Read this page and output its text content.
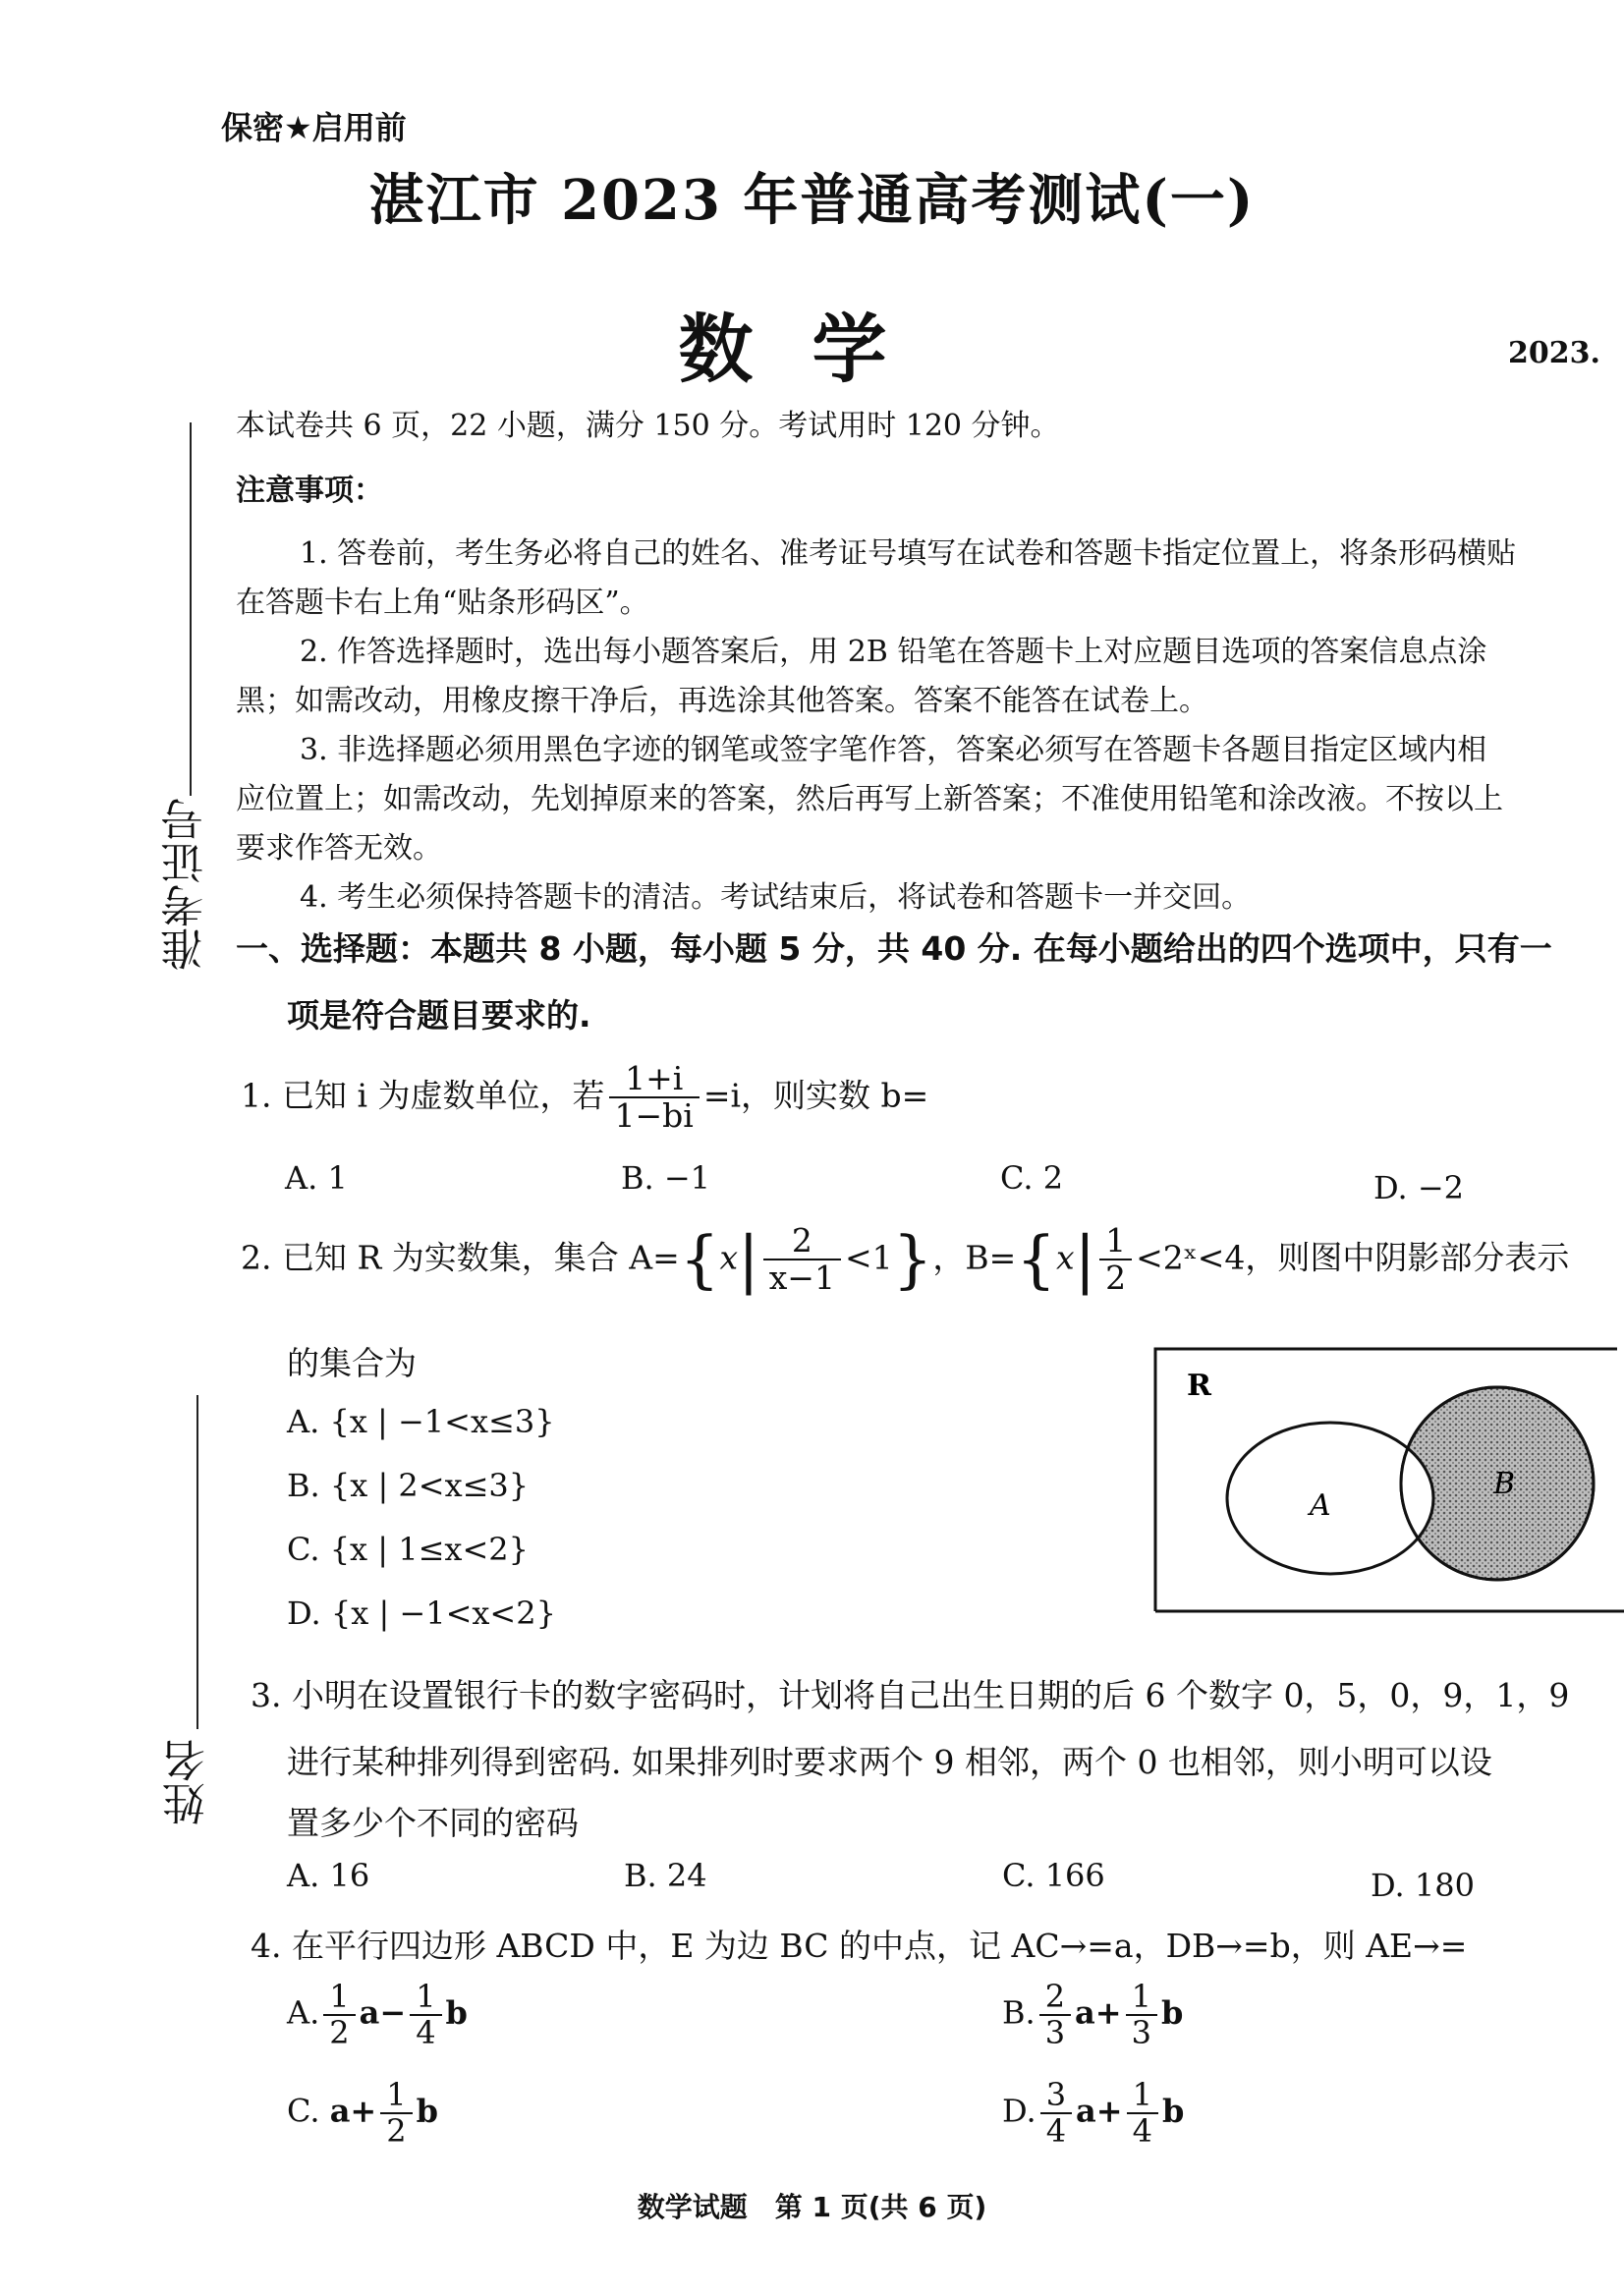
保密★启用前
湛江市 2023 年普通高考测试(一)
数学	2023.
准考证号
姓名
本试卷共 6 页，22 小题，满分 150 分。考试用时 120 分钟。
注意事项：
1. 答卷前，考生务必将自己的姓名、准考证号填写在试卷和答题卡指定位置上，将条形码横贴
在答题卡右上角“贴条形码区”。
2. 作答选择题时，选出每小题答案后，用 2B 铅笔在答题卡上对应题目选项的答案信息点涂
黑；如需改动，用橡皮擦干净后，再选涂其他答案。答案不能答在试卷上。
3. 非选择题必须用黑色字迹的钢笔或签字笔作答，答案必须写在答题卡各题目指定区域内相
应位置上；如需改动，先划掉原来的答案，然后再写上新答案；不准使用铅笔和涂改液。不按以上
要求作答无效。
4. 考生必须保持答题卡的清洁。考试结束后，将试卷和答题卡一并交回。
一、选择题：本题共 8 小题，每小题 5 分，共 40 分. 在每小题给出的四个选项中，只有一
项是符合题目要求的.
1. 已知 i 为虚数单位，若 $\frac{1+i}{1-bi} =i$，则实数 b=
A. 1	B. −1	C. 2	D. −2
2. 已知 R 为实数集，集合 $A=\{x| \frac{2}{x-1} <1\}$，$B=\{x| \frac{1}{2}$ <2ˣ<4，则图中阴影部分表示
的集合为
A. {x | −1<x≤3}
B. {x | 2<x≤3}
C. {x | 1≤x<2}
D. {x | −1<x<2}
R
A
B
3. 小明在设置银行卡的数字密码时，计划将自己出生日期的后 6 个数字 0，5，0，9，1，9
进行某种排列得到密码. 如果排列时要求两个 9 相邻，两个 0 也相邻，则小明可以设
置多少个不同的密码
A. 16	B. 24	C. 166	D. 180
4. 在平行四边形 ABCD 中，E 为边 BC 的中点，记 AC→=a，DB→=b，则 AE→=
A. $\frac{1}{2} a- \frac{1}{4}$ b	B. $\frac{2}{3} a+ \frac{1}{3}$ b
C. $a+ \frac{1}{2}$ b	D. $\frac{3}{4} a+ \frac{1}{4}$ b
数学试题　第 1 页(共 6 页)
